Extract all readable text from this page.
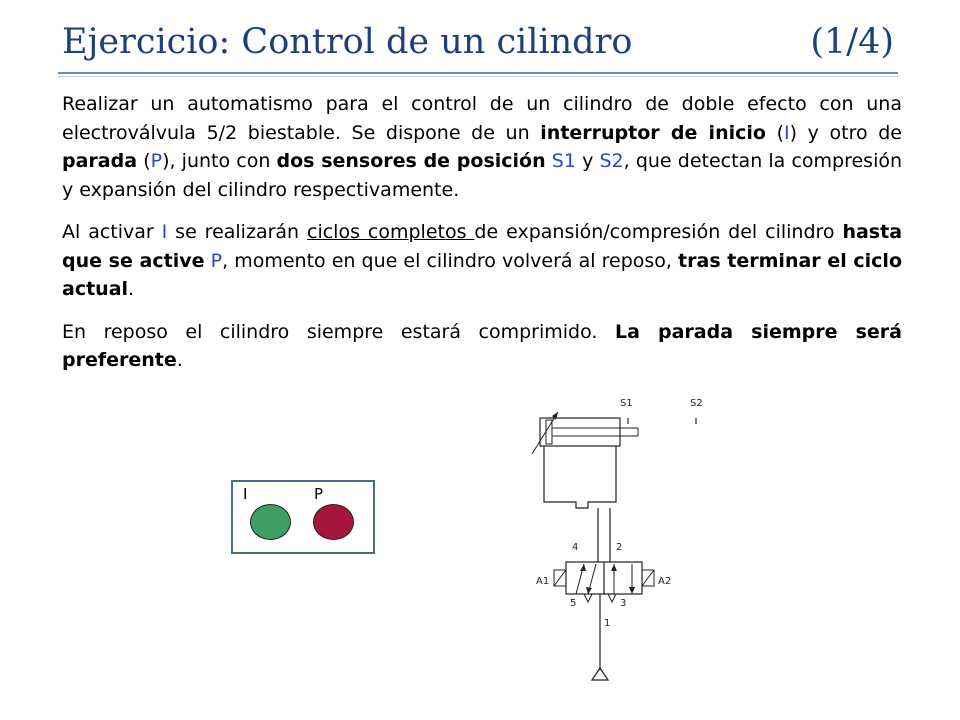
Ejercicio: Control de un cilindro	(1/4)

Realizar un automatismo para el control de un cilindro de doble efecto con una electroválvula 5/2 biestable. Se dispone de un interruptor de inicio (I) y otro de parada (P), junto con dos sensores de posición S1 y S2, que detectan la compresión y expansión del cilindro respectivamente.

Al activar I se realizarán ciclos completos de expansión/compresión del cilindro hasta que se active P, momento en que el cilindro volverá al reposo, tras terminar el ciclo actual.

En reposo el cilindro siempre estará comprimido. La parada siempre será preferente.

I	P
S1	S2
4	2
A1	A2
5	3
1
